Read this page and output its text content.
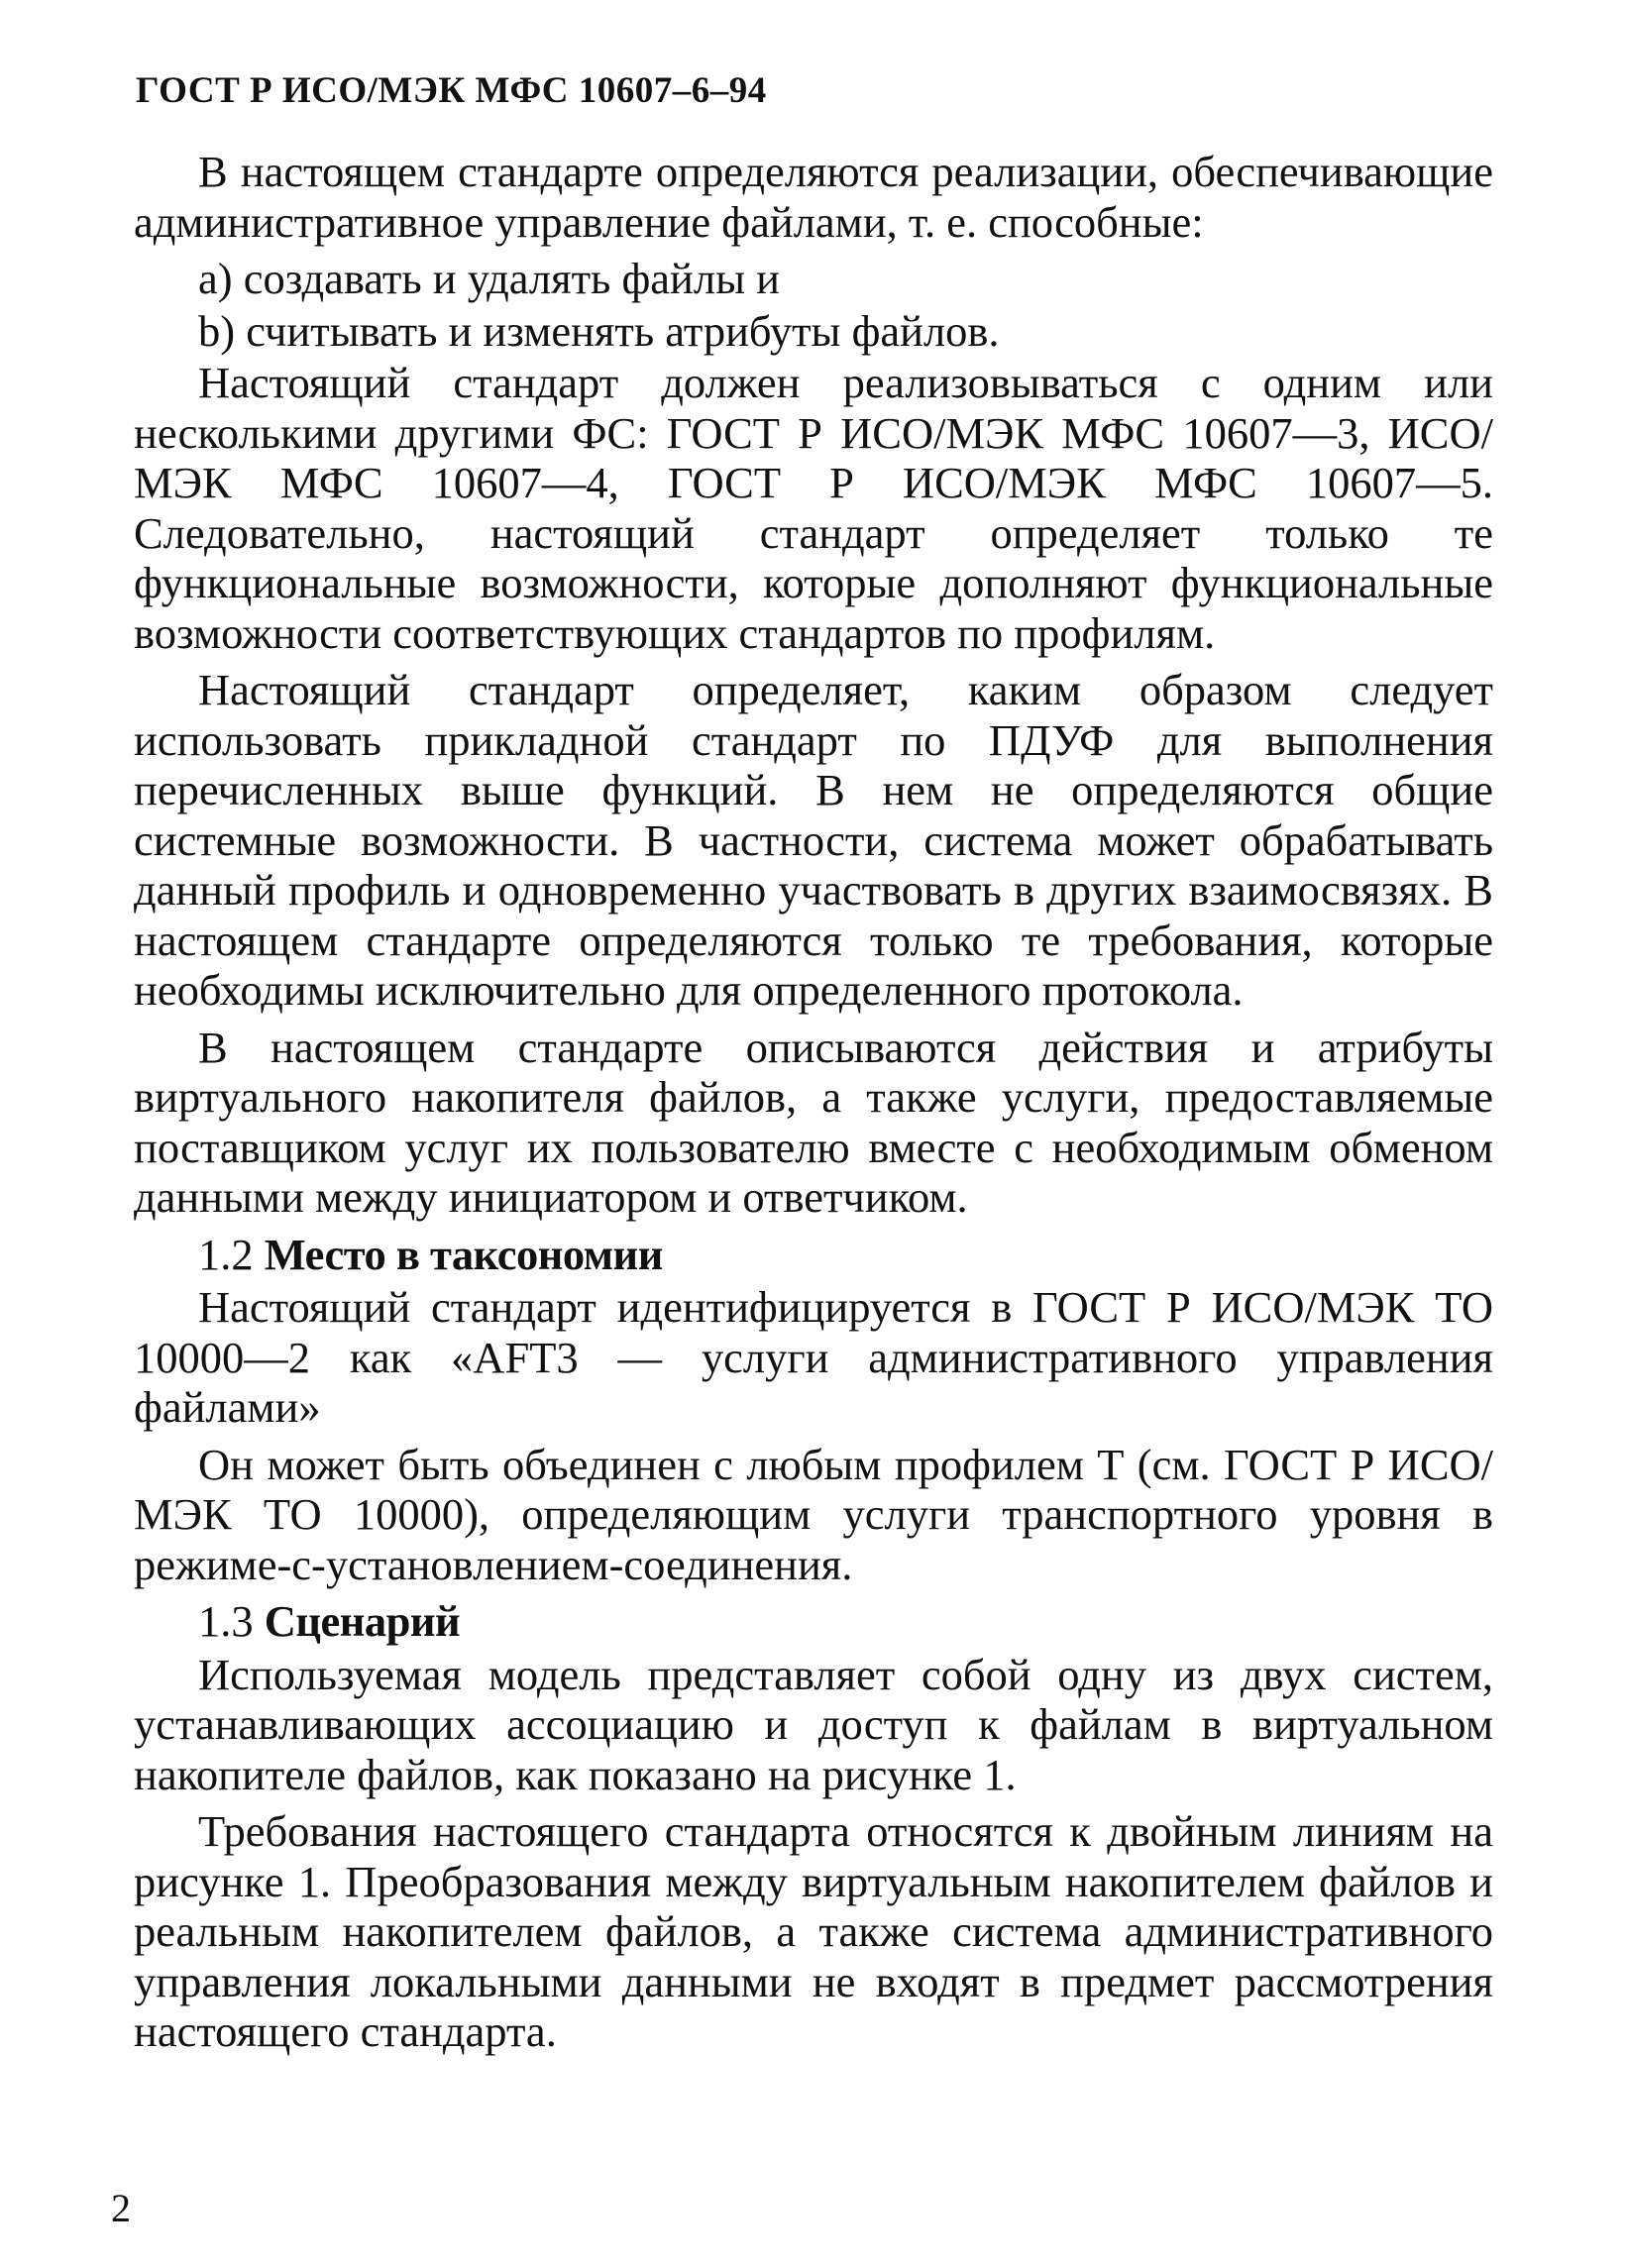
ГОСТ Р ИСО/МЭК МФС 10607–6–94

В настоящем стандарте определяются реализации, обеспечивающие административное управление файлами, т. е. способные:

a) создавать и удалять файлы и

b) считывать и изменять атрибуты файлов.

Настоящий стандарт должен реализовываться с одним или несколькими другими ФС: ГОСТ Р ИСО/МЭК МФС 10607—3, ИСО/МЭК МФС 10607—4, ГОСТ Р ИСО/МЭК МФС 10607—5. Следовательно, настоящий стандарт определяет только те функциональные возможности, которые дополняют функциональные возможности соответствующих стандартов по профилям.

Настоящий стандарт определяет, каким образом следует использовать прикладной стандарт по ПДУФ для выполнения перечисленных выше функций. В нем не определяются общие системные возможности. В частности, система может обрабатывать данный профиль и одновременно участвовать в других взаимосвязях. В настоящем стандарте определяются только те требования, которые необходимы исключительно для определенного протокола.

В настоящем стандарте описываются действия и атрибуты виртуального накопителя файлов, а также услуги, предоставляемые поставщиком услуг их пользователю вместе с необходимым обменом данными между инициатором и ответчиком.

1.2 Место в таксономии

Настоящий стандарт идентифицируется в ГОСТ Р ИСО/МЭК ТО 10000—2 как «AFT3 — услуги административного управления файлами»

Он может быть объединен с любым профилем Т (см. ГОСТ Р ИСО/МЭК ТО 10000), определяющим услуги транспортного уровня в режиме-с-установлением-соединения.

1.3 Сценарий

Используемая модель представляет собой одну из двух систем, устанавливающих ассоциацию и доступ к файлам в виртуальном накопителе файлов, как показано на рисунке 1.

Требования настоящего стандарта относятся к двойным линиям на рисунке 1. Преобразования между виртуальным накопителем файлов и реальным накопителем файлов, а также система административного управления локальными данными не входят в предмет рассмотрения настоящего стандарта.

2
